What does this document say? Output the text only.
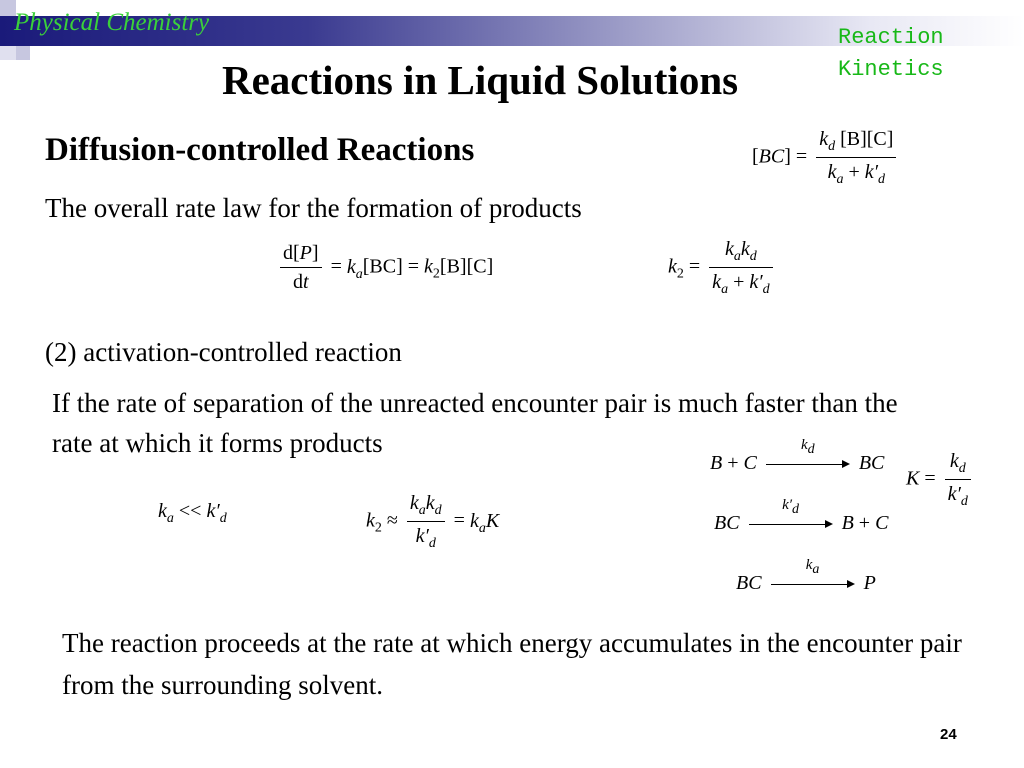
Physical Chemistry
Reaction Kinetics
Reactions in Liquid Solutions
Diffusion-controlled Reactions
The overall rate law for the formation of products
$[BC] = \frac{k_d [B][C]}{k_a + k'_d}$
$\frac{d[P]}{dt} = k_a[BC] = k_2[B][C]$	$k_2 = \frac{k_ak_d}{k_a + k'_d}$
(2) activation-controlled reaction
If the rate of separation of the unreacted encounter pair is much faster than the rate at which it forms products
B + C
$k_d$
BC
$K = \frac{k_d}{k'_d}$
$k_a << k'_d$	$k_2 \approx \frac{k_ak_d}{k'_d} = k_aK$	BC
$k'_d$
B + C
BC
$k_a$
P
The reaction proceeds at the rate at which energy accumulates in the encounter pair from the surrounding solvent.
24
